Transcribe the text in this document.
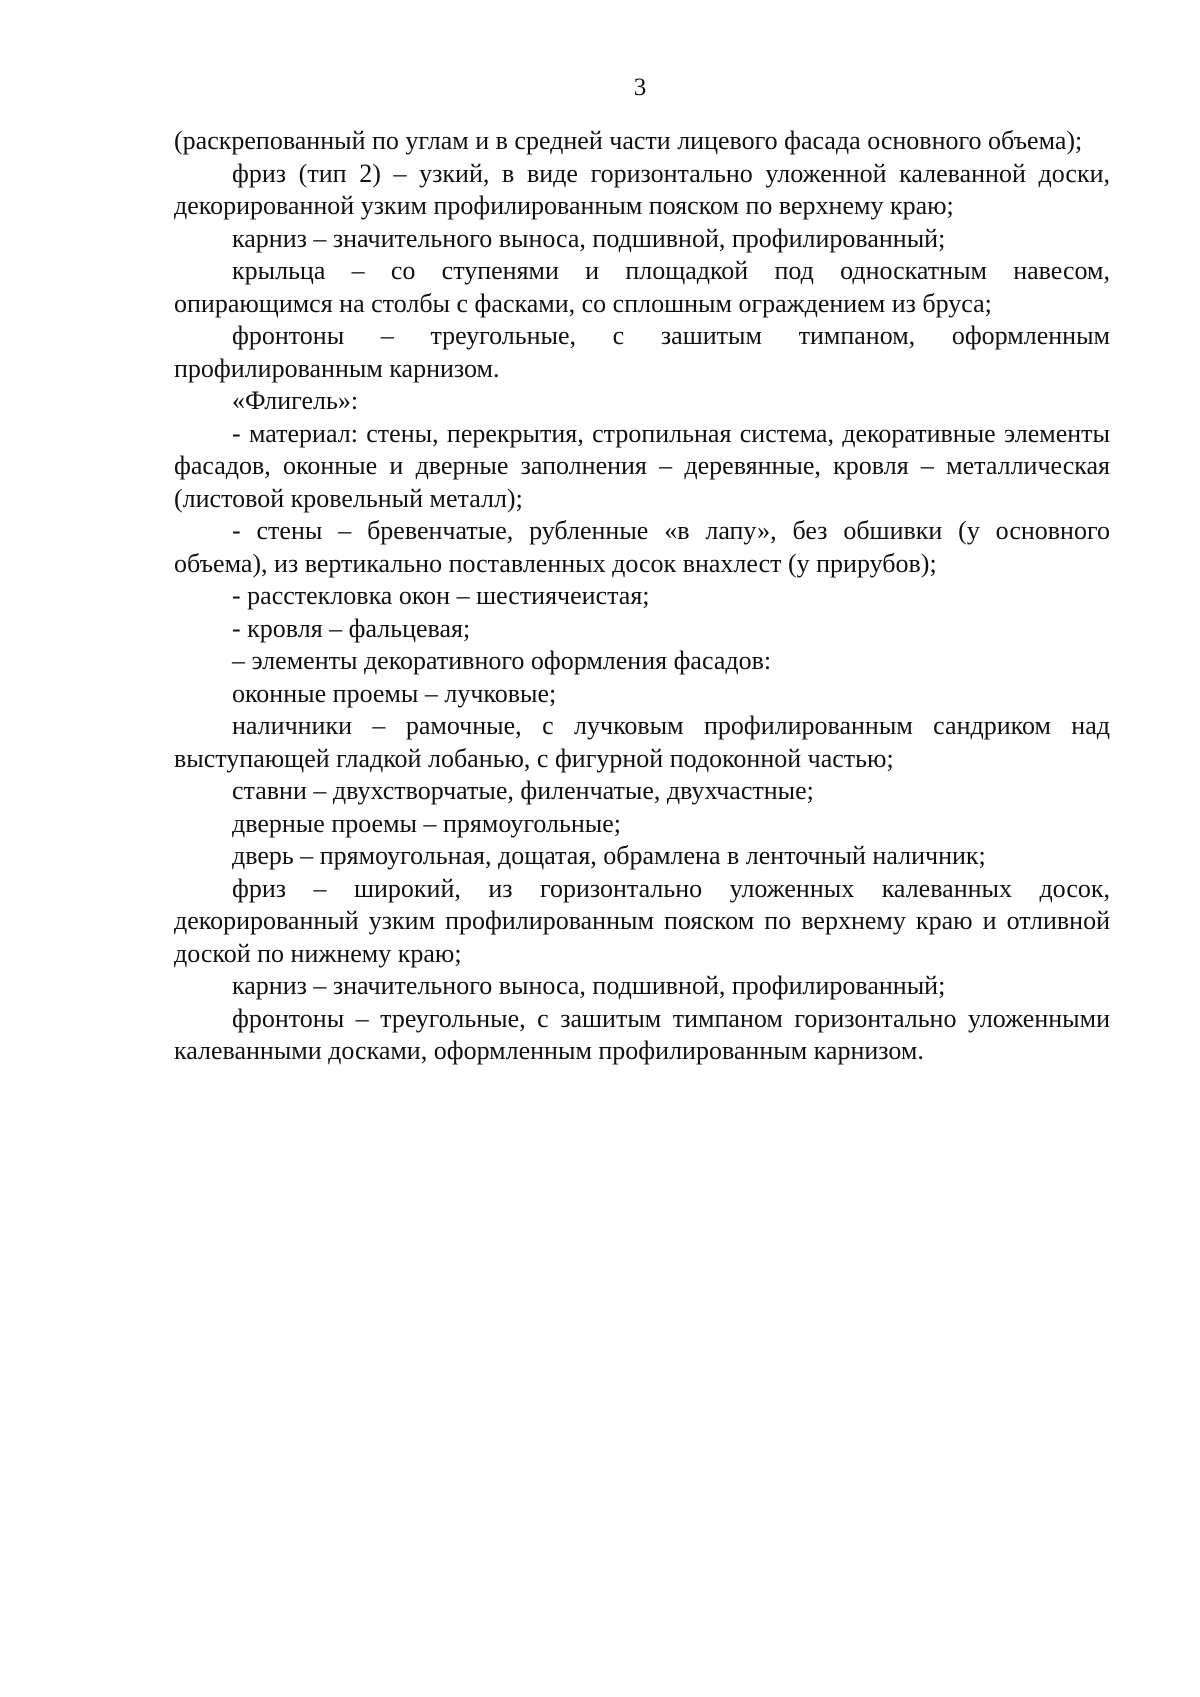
3

(раскрепованный по углам и в средней части лицевого фасада основного объема);

фриз (тип 2) – узкий, в виде горизонтально уложенной калеванной доски, декорированной узким профилированным пояском по верхнему краю;

карниз – значительного выноса, подшивной, профилированный;

крыльца – со ступенями и площадкой под односкатным навесом, опирающимся на столбы с фасками, со сплошным ограждением из бруса;

фронтоны – треугольные, с зашитым тимпаном, оформленным профилированным карнизом.

«Флигель»:

- материал: стены, перекрытия, стропильная система, декоративные элементы фасадов, оконные и дверные заполнения – деревянные, кровля – металлическая (листовой кровельный металл);

- стены – бревенчатые, рубленные «в лапу», без обшивки (у основного объема), из вертикально поставленных досок внахлест (у прирубов);

- расстекловка окон – шестиячеистая;

- кровля – фальцевая;

– элементы декоративного оформления фасадов:

оконные проемы – лучковые;

наличники – рамочные, с лучковым профилированным сандриком над выступающей гладкой лобанью, с фигурной подоконной частью;

ставни – двухстворчатые, филенчатые, двухчастные;

дверные проемы – прямоугольные;

дверь – прямоугольная, дощатая, обрамлена в ленточный наличник;

фриз – широкий, из горизонтально уложенных калеванных досок, декорированный узким профилированным пояском по верхнему краю и отливной доской по нижнему краю;

карниз – значительного выноса, подшивной, профилированный;

фронтоны – треугольные, с зашитым тимпаном горизонтально уложенными калеванными досками, оформленным профилированным карнизом.
